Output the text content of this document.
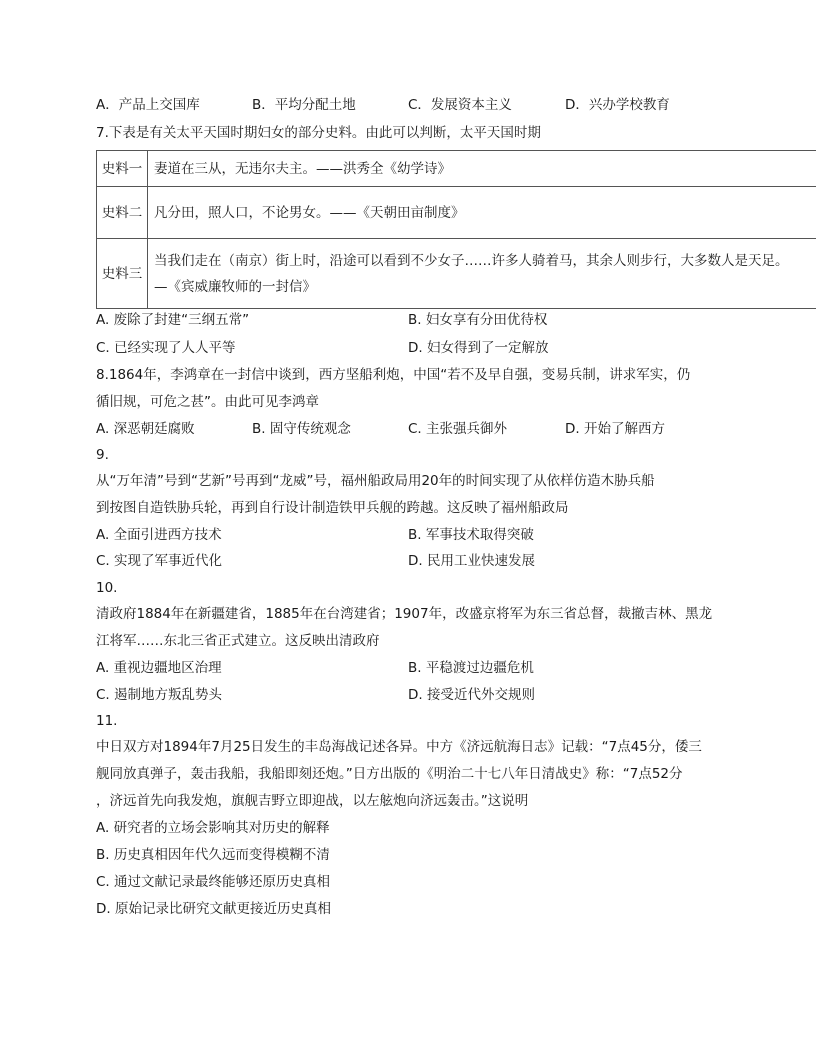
A．产品上交国库	B．平均分配土地	C．发展资本主义	D．兴办学校教育
7.下表是有关太平天国时期妇女的部分史料。由此可以判断，太平天国时期
史料一	妻道在三从，无违尔夫主。——洪秀全《幼学诗》
史料二	凡分田，照人口，不论男女。——《天朝田亩制度》
史料三	当我们走在（南京）街上时，沿途可以看到不少女子……许多人骑着马，其余人则步行，大多数人是天足。
—《宾威廉牧师的一封信》
A. 废除了封建“三纲五常”	B. 妇女享有分田优待权
C. 已经实现了人人平等	D. 妇女得到了一定解放
8.1864年，李鸿章在一封信中谈到，西方坚船利炮，中国“若不及早自强，变易兵制，讲求军实，仍
循旧规，可危之甚”。由此可见李鸿章
A. 深恶朝廷腐败	B. 固守传统观念	C. 主张强兵御外	D. 开始了解西方
9.
从“万年清”号到“艺新”号再到“龙威”号，福州船政局用20年的时间实现了从依样仿造木胁兵船
到按图自造铁胁兵轮，再到自行设计制造铁甲兵舰的跨越。这反映了福州船政局
A. 全面引进西方技术	B. 军事技术取得突破
C. 实现了军事近代化	D. 民用工业快速发展
10.
清政府1884年在新疆建省，1885年在台湾建省；1907年，改盛京将军为东三省总督，裁撤吉林、黑龙
江将军……东北三省正式建立。这反映出清政府
A. 重视边疆地区治理	B. 平稳渡过边疆危机
C. 遏制地方叛乱势头	D. 接受近代外交规则
11.
中日双方对1894年7月25日发生的丰岛海战记述各异。中方《济远航海日志》记载：“7点45分，倭三
舰同放真弹子，轰击我船，我船即刻还炮。”日方出版的《明治二十七八年日清战史》称：“7点52分
，济远首先向我发炮，旗舰吉野立即迎战，以左舷炮向济远轰击。”这说明
A. 研究者的立场会影响其对历史的解释
B. 历史真相因年代久远而变得模糊不清
C. 通过文献记录最终能够还原历史真相
D. 原始记录比研究文献更接近历史真相
